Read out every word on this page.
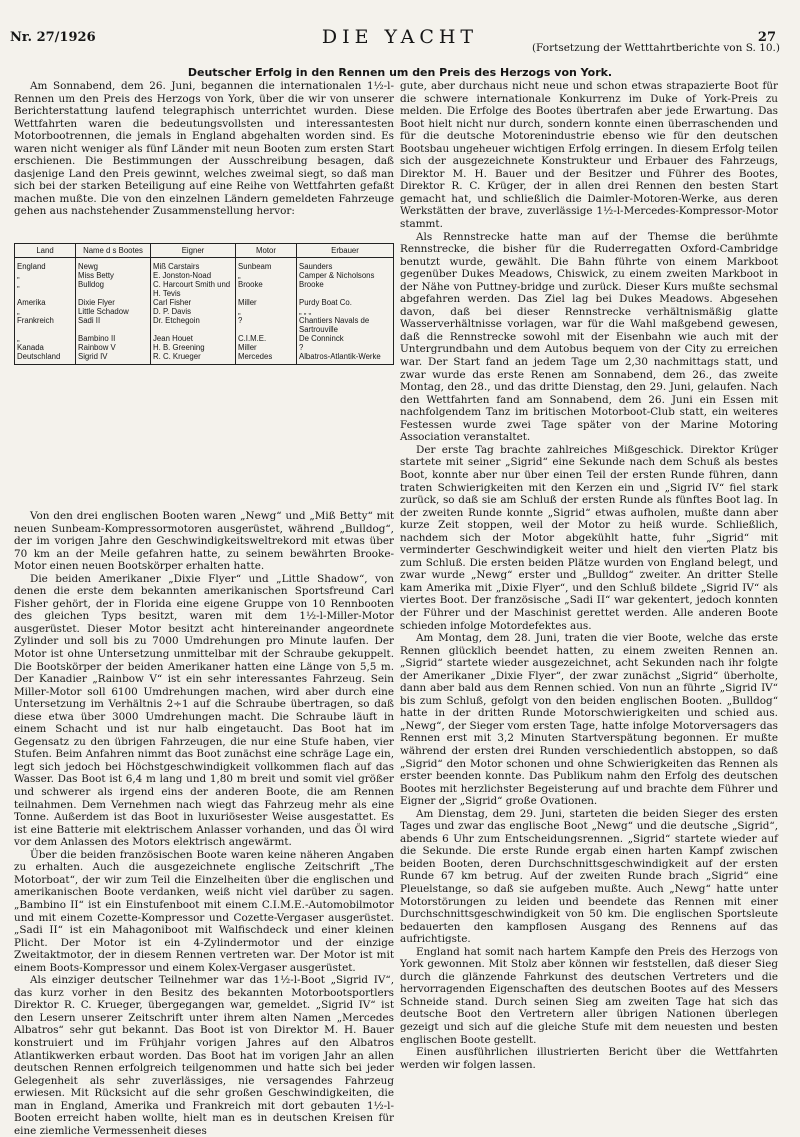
Nr. 27/1926	DIE YACHT	27
(Fortsetzung der Wetttahrtberichte von S. 10.)
Deutscher Erfolg in den Rennen um den Preis des Herzogs von York.

Am Sonnabend, dem 26. Juni, begannen die internationalen 1½-l-Rennen um den Preis des Herzogs von York, über die wir von unserer Berichterstattung laufend telegraphisch unterrichtet wurden. Diese Wettfahrten waren die bedeutungsvollsten und interessantesten Motorbootrennen, die jemals in England abgehalten worden sind. Es waren nicht weniger als fünf Länder mit neun Booten zum ersten Start erschienen. Die Bestimmungen der Ausschreibung besagen, daß dasjenige Land den Preis gewinnt, welches zweimal siegt, so daß man sich bei der starken Beteiligung auf eine Reihe von Wettfahrten gefaßt machen mußte. Die von den einzelnen Ländern gemeldeten Fahrzeuge gehen aus nachstehender Zusammenstellung hervor:

Land	Name d s Bootes	Eigner	Motor	Erbauer
England	Newg	Miß Carstairs	Sunbeam	Saunders
„	Miss Betty	E. Jonston-Noad	„	Camper & Nicholsons
„	Bulldog	C. Harcourt Smith und H. Tevis	Brooke	Brooke
Amerika	Dixie Flyer	Carl Fisher	Miller	Purdy Boat Co.
„	Little Schadow	D. P. Davis	„	„ „ „
Frankreich	Sadi II	Dr. Etchegoin	?	Chantiers Navals de Sartrouville
„	Bambino II	Jean Houet	C.I.M.E.	De Conninck
Kanada	Rainbow V	H. B. Greening	Miller	?
Deutschland	Sigrid IV	R. C. Krueger	Mercedes	Albatros-Atlantik-Werke

Von den drei englischen Booten waren „Newg“ und „Miß Betty“ mit neuen Sunbeam-Kompressormotoren ausgerüstet, während „Bulldog“, der im vorigen Jahre den Geschwindigkeitsweltrekord mit etwas über 70 km an der Meile gefahren hatte, zu seinem bewährten Brooke-Motor einen neuen Bootskörper erhalten hatte.

Die beiden Amerikaner „Dixie Flyer“ und „Little Shadow“, von denen die erste dem bekannten amerikanischen Sportsfreund Carl Fisher gehört, der in Florida eine eigene Gruppe von 10 Rennbooten des gleichen Typs besitzt, waren mit dem 1½-l-Miller-Motor ausgerüstet. Dieser Motor besitzt acht hintereinander angeordnete Zylinder und soll bis zu 7000 Umdrehungen pro Minute laufen. Der Motor ist ohne Untersetzung unmittelbar mit der Schraube gekuppelt. Die Bootskörper der beiden Amerikaner hatten eine Länge von 5,5 m. Der Kanadier „Rainbow V“ ist ein sehr interessantes Fahrzeug. Sein Miller-Motor soll 6100 Umdrehungen machen, wird aber durch eine Untersetzung im Verhältnis 2÷1 auf die Schraube übertragen, so daß diese etwa über 3000 Umdrehungen macht. Die Schraube läuft in einem Schacht und ist nur halb eingetaucht. Das Boot hat im Gegensatz zu den übrigen Fahrzeugen, die nur eine Stufe haben, vier Stufen. Beim Anfahren nimmt das Boot zunächst eine schräge Lage ein, legt sich jedoch bei Höchstgeschwindigkeit vollkommen flach auf das Wasser. Das Boot ist 6,4 m lang und 1,80 m breit und somit viel größer und schwerer als irgend eins der anderen Boote, die am Rennen teilnahmen. Dem Vernehmen nach wiegt das Fahrzeug mehr als eine Tonne. Außerdem ist das Boot in luxuriösester Weise ausgestattet. Es ist eine Batterie mit elektrischem Anlasser vorhanden, und das Öl wird vor dem Anlassen des Motors elektrisch angewärmt.

Über die beiden französischen Boote waren keine näheren Angaben zu erhalten. Auch die ausgezeichnete englische Zeitschrift „The Motorboat“, der wir zum Teil die Einzelheiten über die englischen und amerikanischen Boote verdanken, weiß nicht viel darüber zu sagen. „Bambino II“ ist ein Einstufenboot mit einem C.I.M.E.-Automobilmotor und mit einem Cozette-Kompressor und Cozette-Vergaser ausgerüstet. „Sadi II“ ist ein Mahagoniboot mit Walfischdeck und einer kleinen Plicht. Der Motor ist ein 4-Zylindermotor und der einzige Zweitaktmotor, der in diesem Rennen vertreten war. Der Motor ist mit einem Boots-Kompressor und einem Kolex-Vergaser ausgerüstet.

Als einziger deutscher Teilnehmer war das 1½-l-Boot „Sigrid IV“, das kurz vorher in den Besitz des bekannten Motorbootsportlers Direktor R. C. Krueger, übergegangen war, gemeldet. „Sigrid IV“ ist den Lesern unserer Zeitschrift unter ihrem alten Namen „Mercedes Albatros“ sehr gut bekannt. Das Boot ist von Direktor M. H. Bauer konstruiert und im Frühjahr vorigen Jahres auf den Albatros Atlantikwerken erbaut worden. Das Boot hat im vorigen Jahr an allen deutschen Rennen erfolgreich teilgenommen und hatte sich bei jeder Gelegenheit als sehr zuverlässiges, nie versagendes Fahrzeug erwiesen. Mit Rücksicht auf die sehr großen Geschwindigkeiten, die man in England, Amerika und Frankreich mit dort gebauten 1½-l-Booten erreicht haben wollte, hielt man es in deutschen Kreisen für eine ziemliche Vermessenheit dieses

gute, aber durchaus nicht neue und schon etwas strapazierte Boot für die schwere internationale Konkurrenz im Duke of York-Preis zu melden. Die Erfolge des Bootes übertrafen aber jede Erwartung. Das Boot hielt nicht nur durch, sondern konnte einen überraschenden und für die deutsche Motorenindustrie ebenso wie für den deutschen Bootsbau ungeheuer wichtigen Erfolg erringen. In diesem Erfolg teilen sich der ausgezeichnete Konstrukteur und Erbauer des Fahrzeugs, Direktor M. H. Bauer und der Besitzer und Führer des Bootes, Direktor R. C. Krüger, der in allen drei Rennen den besten Start gemacht hat, und schließlich die Daimler-Motoren-Werke, aus deren Werkstätten der brave, zuverlässige 1½-l-Mercedes-Kompressor-Motor stammt.

Als Rennstrecke hatte man auf der Themse die berühmte Rennstrecke, die bisher für die Ruderregatten Oxford-Cambridge benutzt wurde, gewählt. Die Bahn führte von einem Markboot gegenüber Dukes Meadows, Chiswick, zu einem zweiten Markboot in der Nähe von Puttney-bridge und zurück. Dieser Kurs mußte sechsmal abgefahren werden. Das Ziel lag bei Dukes Meadows. Abgesehen davon, daß bei dieser Rennstrecke verhältnismäßig glatte Wasserverhältnisse vorlagen, war für die Wahl maßgebend gewesen, daß die Rennstrecke sowohl mit der Eisenbahn wie auch mit der Untergrundbahn und dem Autobus bequem von der City zu erreichen war. Der Start fand an jedem Tage um 2,30 nachmittags statt, und zwar wurde das erste Renen am Sonnabend, dem 26., das zweite Montag, den 28., und das dritte Dienstag, den 29. Juni, gelaufen. Nach den Wettfahrten fand am Sonnabend, dem 26. Juni ein Essen mit nachfolgendem Tanz im britischen Motorboot-Club statt, ein weiteres Festessen wurde zwei Tage später von der Marine Motoring Association veranstaltet.

Der erste Tag brachte zahlreiches Mißgeschick. Direktor Krüger startete mit seiner „Sigrid“ eine Sekunde nach dem Schuß als bestes Boot, konnte aber nur über einen Teil der ersten Runde führen, dann traten Schwierigkeiten mit den Kerzen ein und „Sigrid IV“ fiel stark zurück, so daß sie am Schluß der ersten Runde als fünftes Boot lag. In der zweiten Runde konnte „Sigrid“ etwas aufholen, mußte dann aber kurze Zeit stoppen, weil der Motor zu heiß wurde. Schließlich, nachdem sich der Motor abgekühlt hatte, fuhr „Sigrid“ mit verminderter Geschwindigkeit weiter und hielt den vierten Platz bis zum Schluß. Die ersten beiden Plätze wurden von England belegt, und zwar wurde „Newg“ erster und „Bulldog“ zweiter. An dritter Stelle kam Amerika mit „Dixie Flyer“, und den Schluß bildete „Sigrid IV“ als viertes Boot. Der französische „Sadi II“ war gekentert, jedoch konnten der Führer und der Maschinist gerettet werden. Alle anderen Boote schieden infolge Motordefektes aus.

Am Montag, dem 28. Juni, traten die vier Boote, welche das erste Rennen glücklich beendet hatten, zu einem zweiten Rennen an. „Sigrid“ startete wieder ausgezeichnet, acht Sekunden nach ihr folgte der Amerikaner „Dixie Flyer“, der zwar zunächst „Sigrid“ überholte, dann aber bald aus dem Rennen schied. Von nun an führte „Sigrid IV“ bis zum Schluß, gefolgt von den beiden englischen Booten. „Bulldog“ hatte in der dritten Runde Motorschwierigkeiten und schied aus. „Newg“, der Sieger vom ersten Tage, hatte infolge Motorversagers das Rennen erst mit 3,2 Minuten Startverspätung begonnen. Er mußte während der ersten drei Runden verschiedentlich abstoppen, so daß „Sigrid“ den Motor schonen und ohne Schwierigkeiten das Rennen als erster beenden konnte. Das Publikum nahm den Erfolg des deutschen Bootes mit herzlichster Begeisterung auf und brachte dem Führer und Eigner der „Sigrid“ große Ovationen.

Am Dienstag, dem 29. Juni, starteten die beiden Sieger des ersten Tages und zwar das englische Boot „Newg“ und die deutsche „Sigrid“, abends 6 Uhr zum Entscheidungsrennen. „Sigrid“ startete wieder auf die Sekunde. Die erste Runde ergab einen harten Kampf zwischen beiden Booten, deren Durchschnittsgeschwindigkeit auf der ersten Runde 67 km betrug. Auf der zweiten Runde brach „Sigrid“ eine Pleuelstange, so daß sie aufgeben mußte. Auch „Newg“ hatte unter Motorstörungen zu leiden und beendete das Rennen mit einer Durchschnittsgeschwindigkeit von 50 km. Die englischen Sportsleute bedauerten den kampflosen Ausgang des Rennens auf das aufrichtigste.

England hat somit nach hartem Kampfe den Preis des Herzogs von York gewonnen. Mit Stolz aber können wir feststellen, daß dieser Sieg durch die glänzende Fahrkunst des deutschen Vertreters und die hervorragenden Eigenschaften des deutschen Bootes auf des Messers Schneide stand. Durch seinen Sieg am zweiten Tage hat sich das deutsche Boot den Vertretern aller übrigen Nationen überlegen gezeigt und sich auf die gleiche Stufe mit dem neuesten und besten englischen Boote gestellt.

Einen ausführlichen illustrierten Bericht über die Wettfahrten werden wir folgen lassen.
